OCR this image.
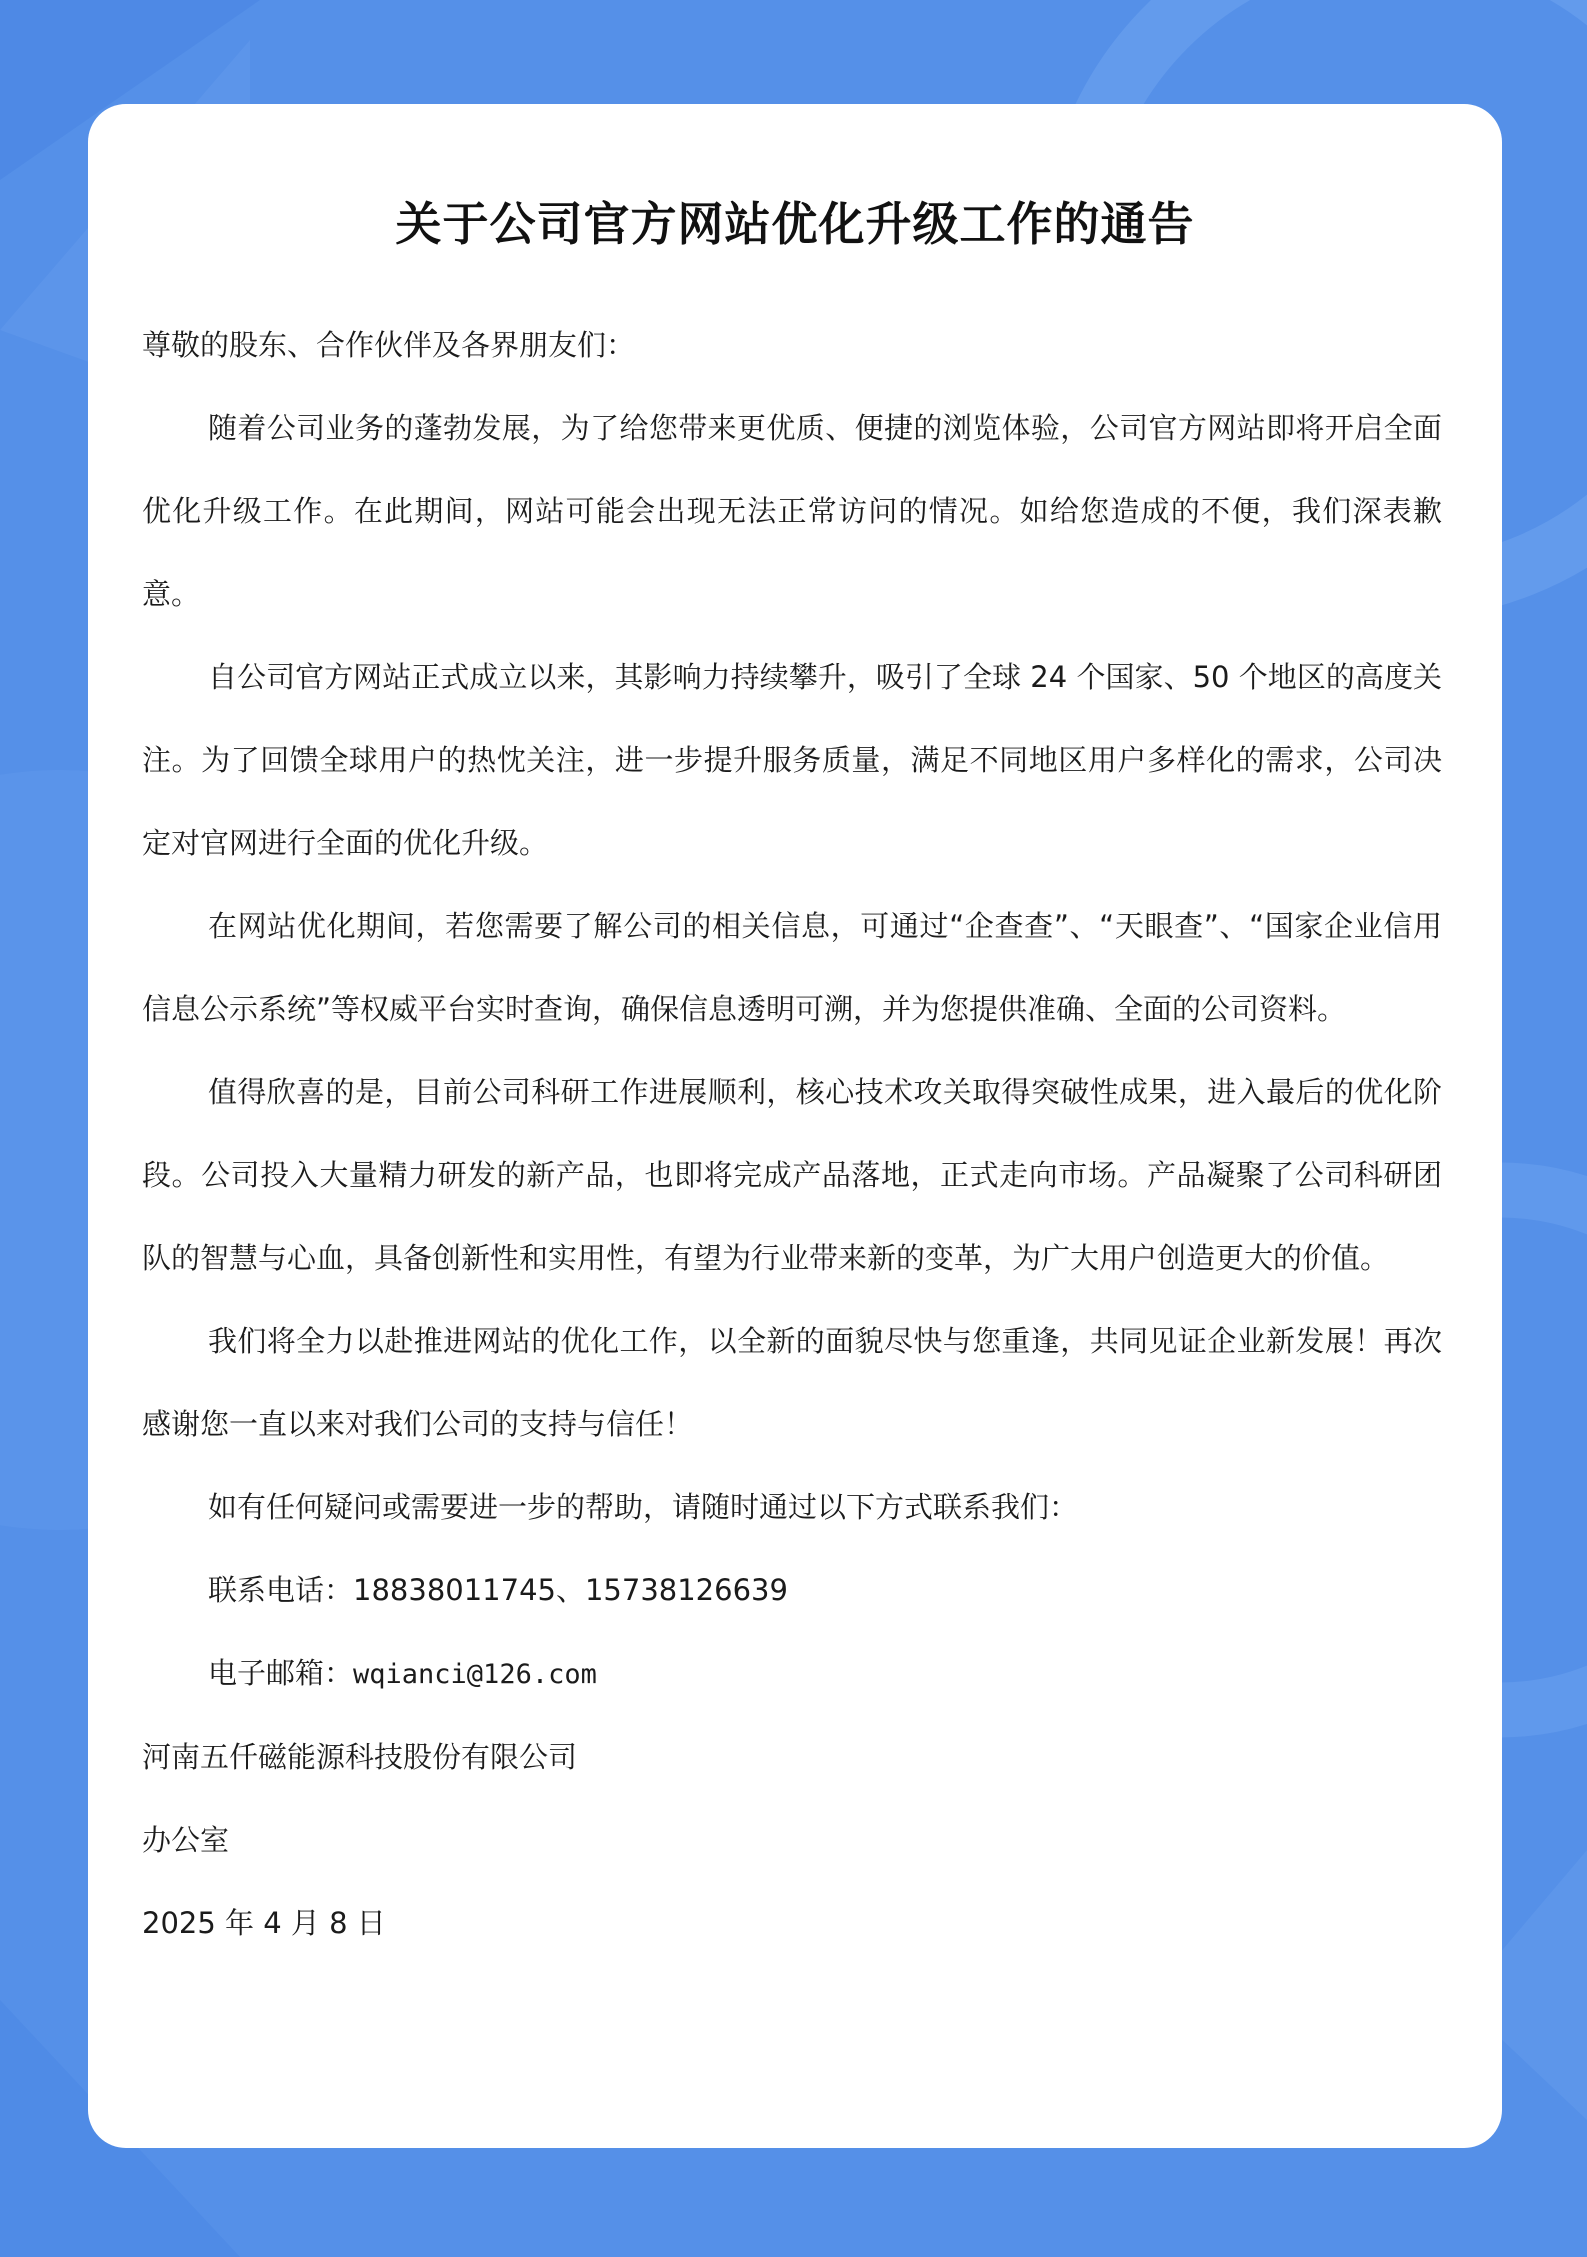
关于公司官方网站优化升级工作的通告

尊敬的股东、合作伙伴及各界朋友们：

随着公司业务的蓬勃发展，为了给您带来更优质、便捷的浏览体验，公司官方网站即将开启全面优化升级工作。在此期间，网站可能会出现无法正常访问的情况。如给您造成的不便，我们深表歉意。

自公司官方网站正式成立以来，其影响力持续攀升，吸引了全球 24 个国家、50 个地区的高度关注。为了回馈全球用户的热忱关注，进一步提升服务质量，满足不同地区用户多样化的需求，公司决定对官网进行全面的优化升级。

在网站优化期间，若您需要了解公司的相关信息，可通过“企查查”、“天眼查”、“国家企业信用信息公示系统”等权威平台实时查询，确保信息透明可溯，并为您提供准确、全面的公司资料。

值得欣喜的是，目前公司科研工作进展顺利，核心技术攻关取得突破性成果，进入最后的优化阶段。公司投入大量精力研发的新产品，也即将完成产品落地，正式走向市场。产品凝聚了公司科研团队的智慧与心血，具备创新性和实用性，有望为行业带来新的变革，为广大用户创造更大的价值。

我们将全力以赴推进网站的优化工作，以全新的面貌尽快与您重逢，共同见证企业新发展！再次感谢您一直以来对我们公司的支持与信任！

如有任何疑问或需要进一步的帮助，请随时通过以下方式联系我们：

联系电话：18838011745、15738126639

电子邮箱：wqianci@126.com

河南五仟磁能源科技股份有限公司

办公室

2025 年 4 月 8 日
